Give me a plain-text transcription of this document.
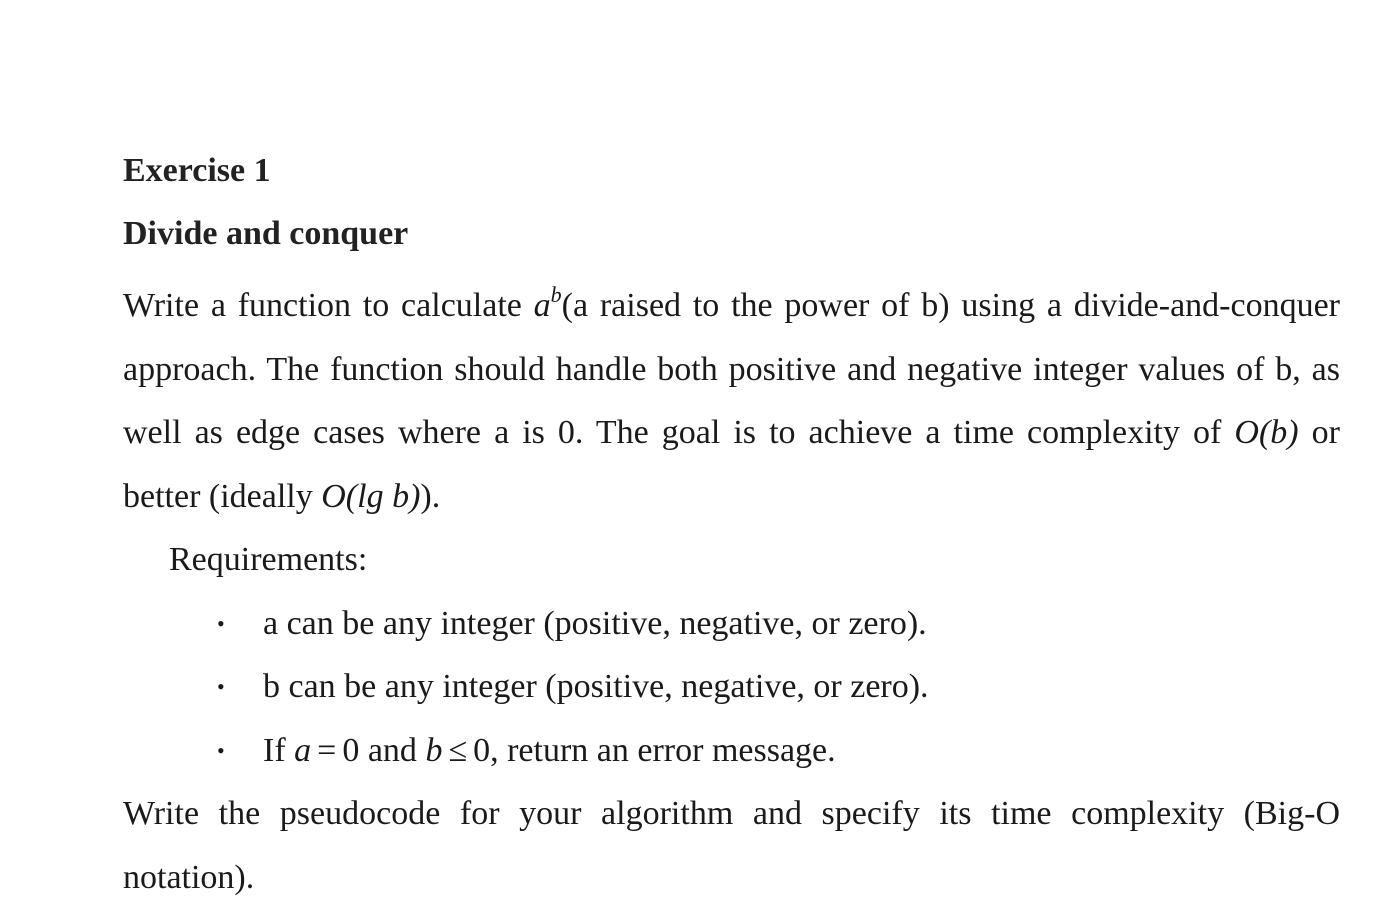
Exercise 1
Divide and conquer

Write a function to calculate $a^b(a$ raised to the power of b) using a divide-and-conquer approach. The function should handle both positive and negative integer values of b, as well as edge cases where a is 0. The goal is to achieve a time complexity of O(b) or better (ideally O(lg b)).

Requirements:
•
a can be any integer (positive, negative, or zero).
•
b can be any integer (positive, negative, or zero).
•
If a = 0 and b ≤ 0, return an error message.

Write the pseudocode for your algorithm and specify its time complexity (Big-O notation).
